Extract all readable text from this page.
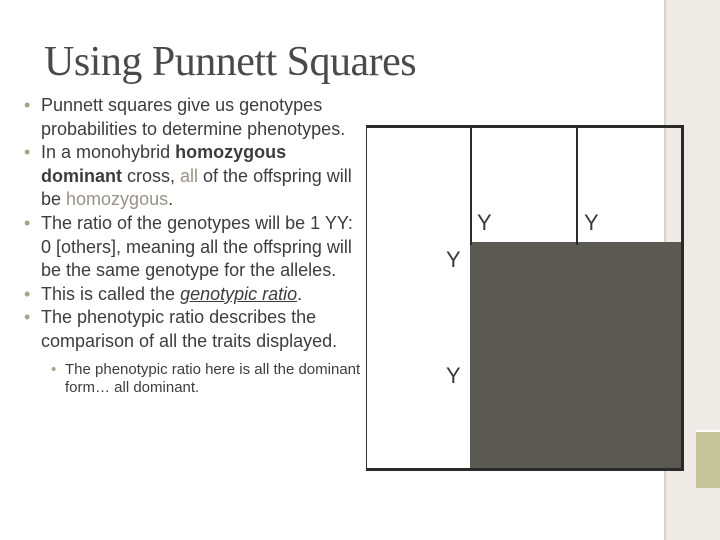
Using Punnett Squares
• Punnett squares give us genotypes probabilities to determine phenotypes.
• In a monohybrid homozygous dominant cross, all of the offspring will be homozygous.
• The ratio of the genotypes will be 1 YY: 0 [others], meaning all the offspring will be the same genotype for the alleles.
• This is called the genotypic ratio.
• The phenotypic ratio describes the comparison of all the traits displayed.
• The phenotypic ratio here is all the dominant form… all dominant.
Y	Y
Y
Y
